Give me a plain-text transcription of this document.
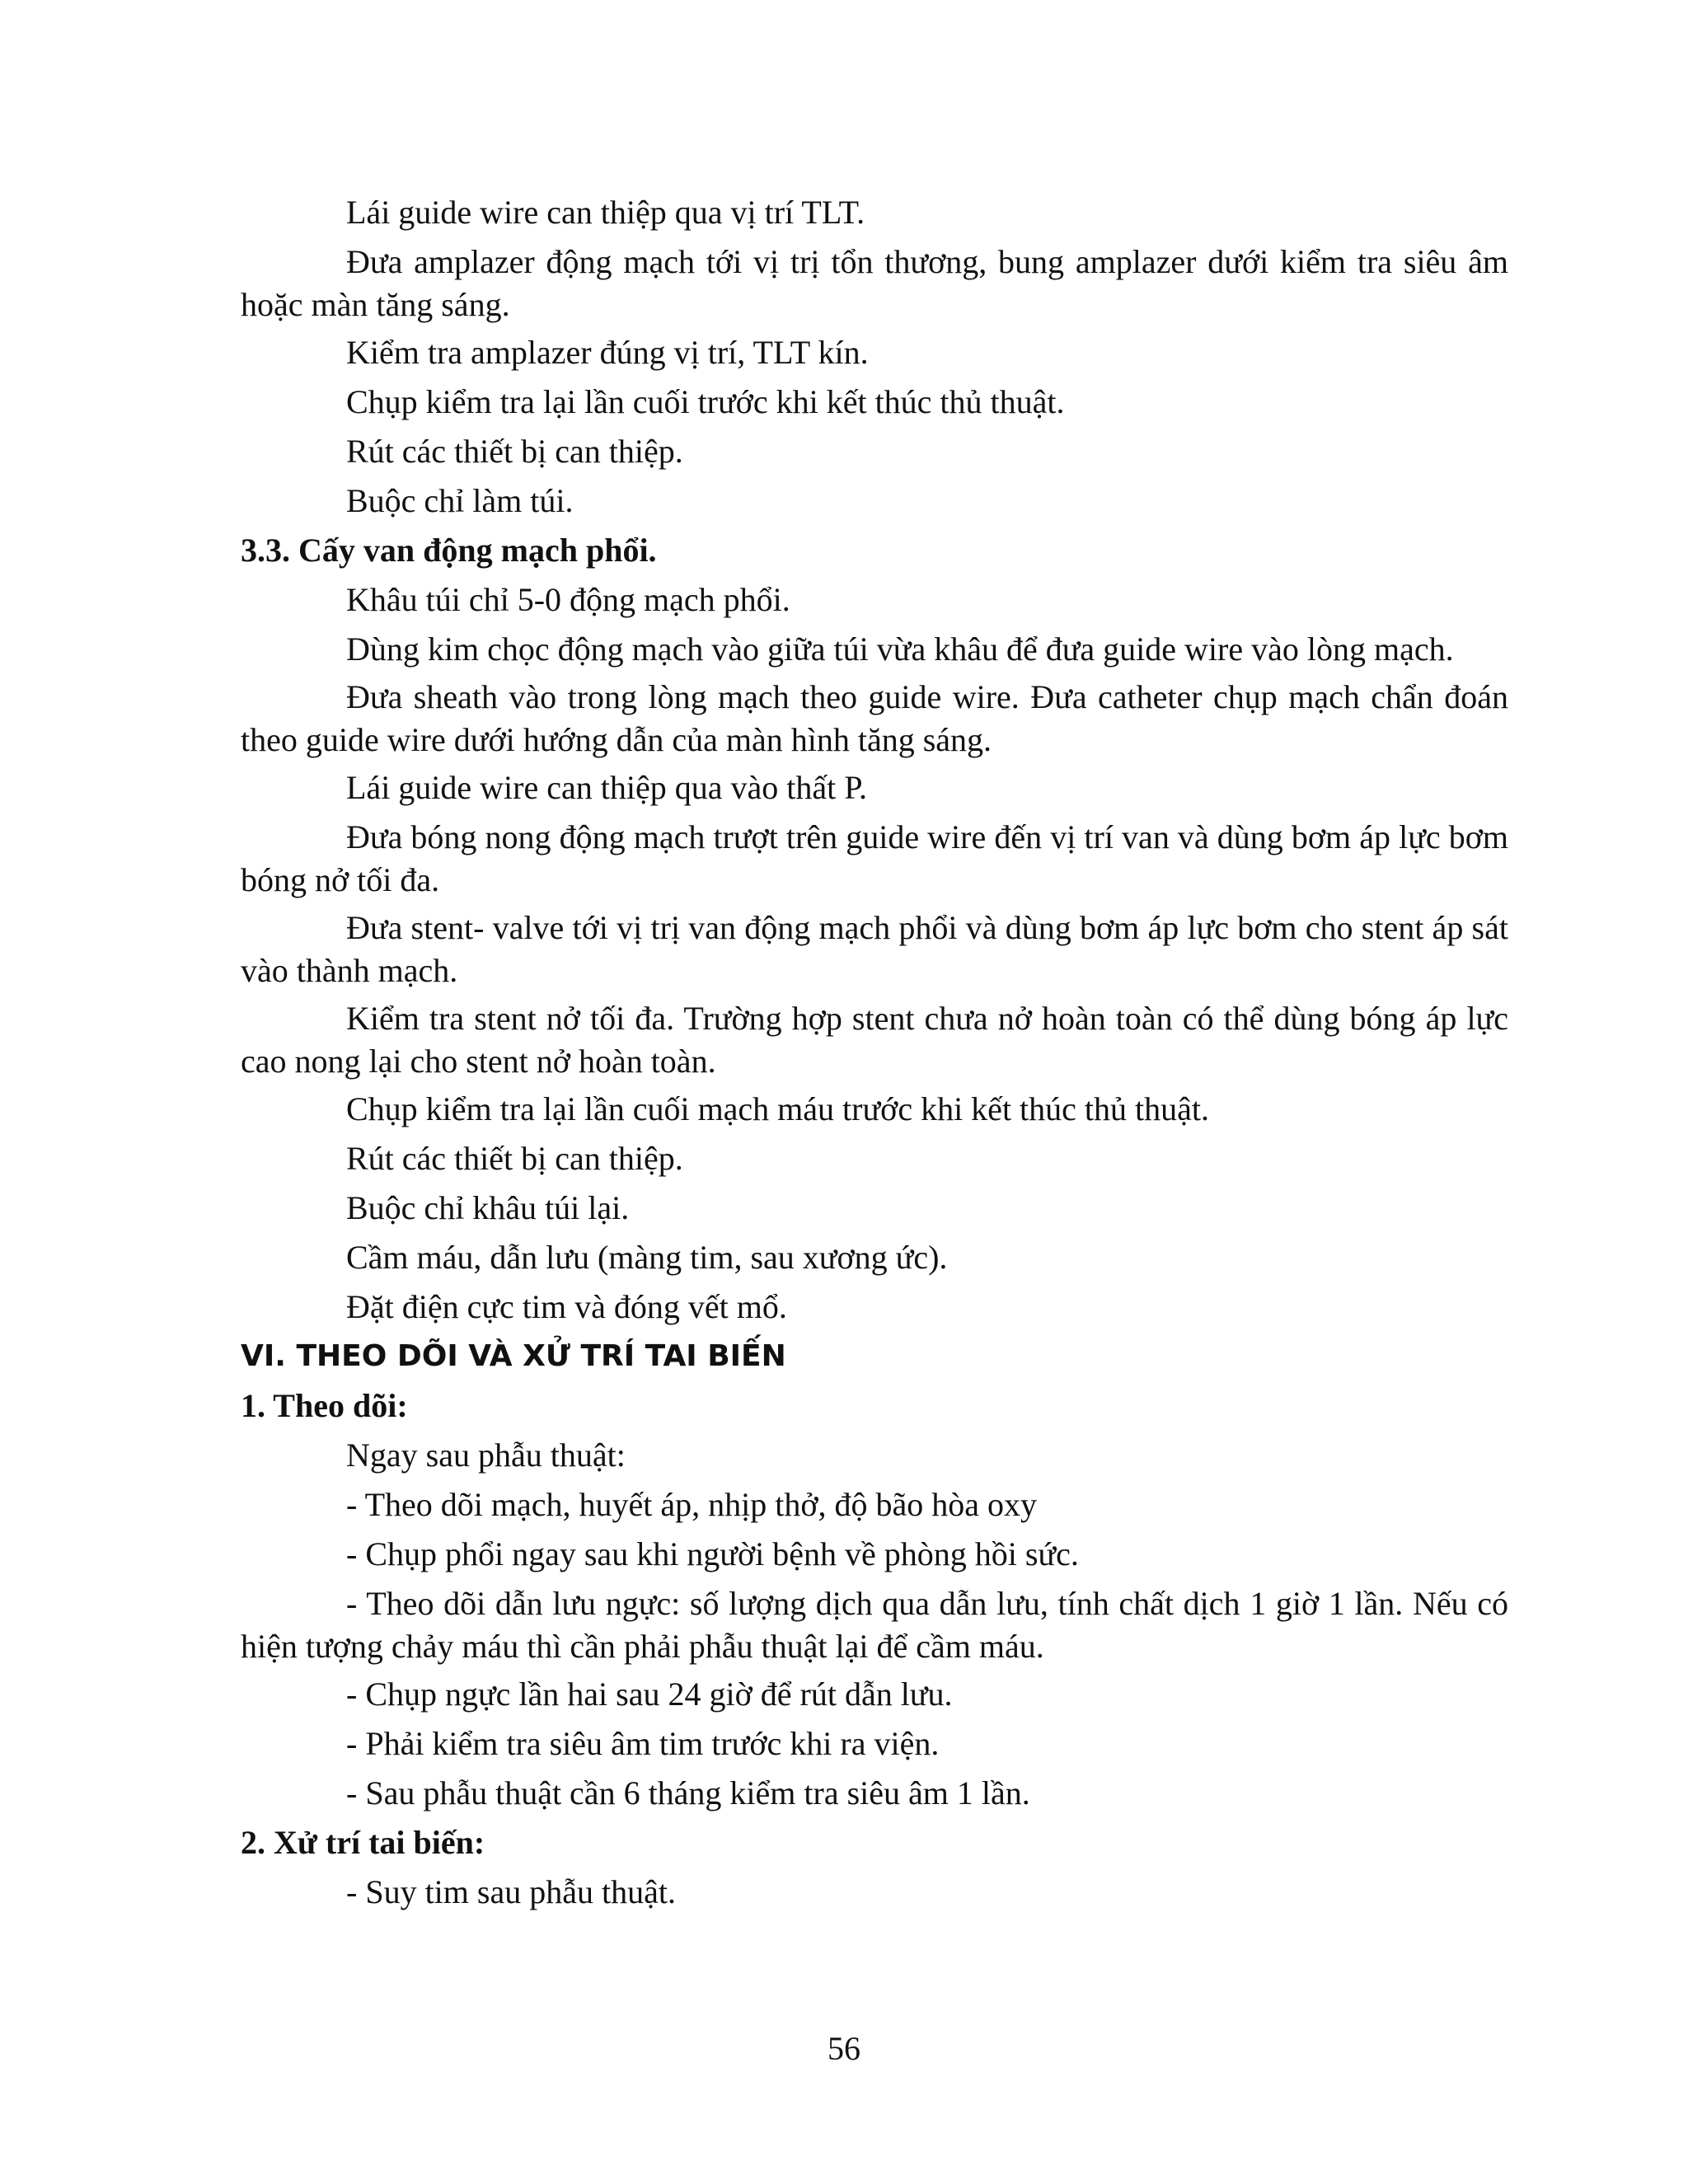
Lái guide wire can thiệp qua vị trí TLT.

Đưa amplazer động mạch tới vị trị tổn thương, bung amplazer dưới kiểm tra siêu âm hoặc màn tăng sáng.

Kiểm tra amplazer đúng vị trí, TLT kín.

Chụp kiểm tra lại lần cuối trước khi kết thúc thủ thuật.

Rút các thiết bị can thiệp.

Buộc chỉ làm túi.

3.3. Cấy van động mạch phổi.

Khâu túi chỉ 5-0 động mạch phổi.

Dùng kim chọc động mạch vào giữa túi vừa khâu để đưa guide wire vào lòng mạch.

Đưa sheath vào trong lòng mạch theo guide wire. Đưa catheter chụp mạch chẩn đoán theo guide wire dưới hướng dẫn của màn hình tăng sáng.

Lái guide wire can thiệp qua vào thất P.

Đưa bóng nong động mạch trượt trên guide wire đến vị trí van và dùng bơm áp lực bơm bóng nở tối đa.

Đưa stent- valve tới vị trị van động mạch phổi và dùng bơm áp lực bơm cho stent áp sát vào thành mạch.

Kiểm tra stent nở tối đa. Trường hợp stent chưa nở hoàn toàn có thể dùng bóng áp lực cao nong lại cho stent nở hoàn toàn.

Chụp kiểm tra lại lần cuối mạch máu trước khi kết thúc thủ thuật.

Rút các thiết bị can thiệp.

Buộc chỉ khâu túi lại.

Cầm máu, dẫn lưu (màng tim, sau xương ức).

Đặt điện cực tim và đóng vết mổ.

VI. THEO DÕI VÀ XỬ TRÍ TAI BIẾN

1. Theo dõi:

Ngay sau phẫu thuật:

- Theo dõi mạch, huyết áp, nhịp thở, độ bão hòa oxy

- Chụp phổi ngay sau khi người bệnh về phòng hồi sức.

- Theo dõi dẫn lưu ngực: số lượng dịch qua dẫn lưu, tính chất dịch 1 giờ 1 lần. Nếu có hiện tượng chảy máu thì cần phải phẫu thuật lại để cầm máu.

- Chụp ngực lần hai sau 24 giờ để rút dẫn lưu.

- Phải kiểm tra siêu âm tim trước khi ra viện.

- Sau phẫu thuật cần 6 tháng kiểm tra siêu âm 1 lần.

2. Xử trí tai biến:

- Suy tim sau phẫu thuật.

56
